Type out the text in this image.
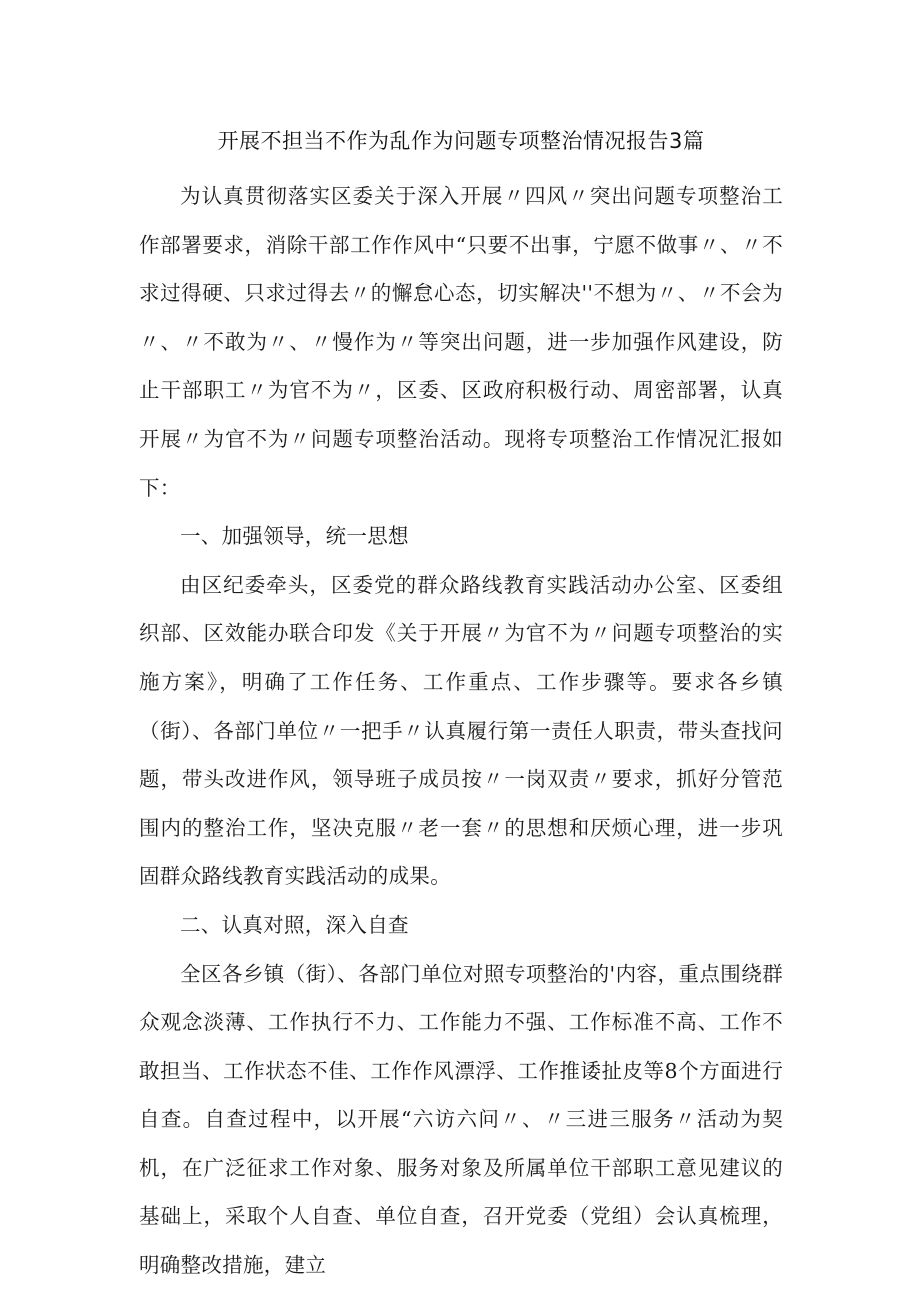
开展不担当不作为乱作为问题专项整治情况报告3篇

为认真贯彻落实区委关于深入开展〃四风〃突出问题专项整治工作部署要求，消除干部工作作风中“只要不出事，宁愿不做事〃、〃不求过得硬、只求过得去〃的懈怠心态，切实解决''不想为〃、〃不会为〃、〃不敢为〃、〃慢作为〃等突出问题，进一步加强作风建设，防止干部职工〃为官不为〃，区委、区政府积极行动、周密部署，认真开展〃为官不为〃问题专项整治活动。现将专项整治工作情况汇报如下：

一、加强领导，统一思想

由区纪委牵头，区委党的群众路线教育实践活动办公室、区委组织部、区效能办联合印发《关于开展〃为官不为〃问题专项整治的实施方案》，明确了工作任务、工作重点、工作步骤等。要求各乡镇（街）、各部门单位〃一把手〃认真履行第一责任人职责，带头查找问题，带头改进作风，领导班子成员按〃一岗双责〃要求，抓好分管范围内的整治工作，坚决克服〃老一套〃的思想和厌烦心理，进一步巩固群众路线教育实践活动的成果。

二、认真对照，深入自查

全区各乡镇（街）、各部门单位对照专项整治的'内容，重点围绕群众观念淡薄、工作执行不力、工作能力不强、工作标准不高、工作不敢担当、工作状态不佳、工作作风漂浮、工作推诿扯皮等8个方面进行自查。自查过程中，以开展“六访六问〃、〃三进三服务〃活动为契机，在广泛征求工作对象、服务对象及所属单位干部职工意见建议的基础上，采取个人自查、单位自查，召开党委（党组）会认真梳理，明确整改措施，建立
